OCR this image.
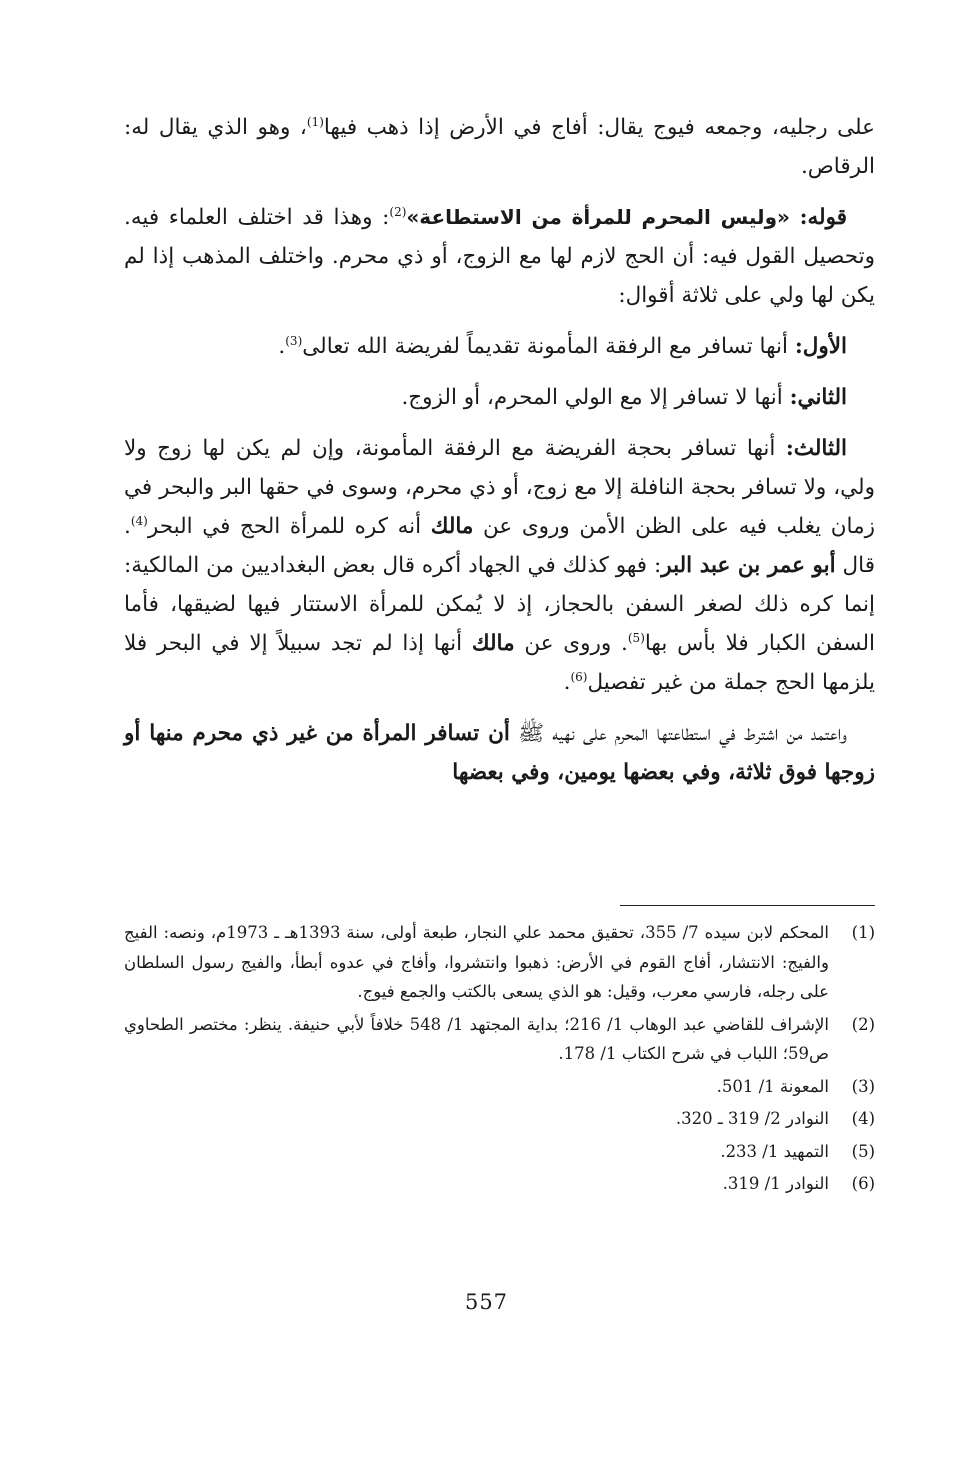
على رجليه، وجمعه فيوج يقال: أفاج في الأرض إذا ذهب فيها$^{(1)}$، وهو الذي يقال له: الرقاص.

قوله: «وليس المحرم للمرأة من الاستطاعة»$^{(2)}$: وهذا قد اختلف العلماء فيه. وتحصيل القول فيه: أن الحج لازم لها مع الزوج، أو ذي محرم. واختلف المذهب إذا لم يكن لها ولي على ثلاثة أقوال:

الأول: أنها تسافر مع الرفقة المأمونة تقديماً لفريضة الله تعالى$^{(3)}$.

الثاني: أنها لا تسافر إلا مع الولي المحرم، أو الزوج.

الثالث: أنها تسافر بحجة الفريضة مع الرفقة المأمونة، وإن لم يكن لها زوج ولا ولي، ولا تسافر بحجة النافلة إلا مع زوج، أو ذي محرم، وسوى في حقها البر والبحر في زمان يغلب فيه على الظن الأمن وروى عن مالك أنه كره للمرأة الحج في البحر$^{(4)}$. قال أبو عمر بن عبد البر: فهو كذلك في الجهاد أكره قال بعض البغداديين من المالكية: إنما كره ذلك لصغر السفن بالحجاز، إذ لا يُمكن للمرأة الاستتار فيها لضيقها، فأما السفن الكبار فلا بأس بها$^{(5)}$. وروى عن مالك أنها إذا لم تجد سبيلاً إلا في البحر فلا يلزمها الحج جملة من غير تفصيل$^{(6)}$.

واعتمد من اشترط في استطاعتها المحرم على نهيه ﷺ أن تسافر المرأة من غير ذي محرم منها أو زوجها فوق ثلاثة، وفي بعضها يومين، وفي بعضها

(1)
المحكم لابن سيده 7/ 355، تحقيق محمد علي النجار، طبعة أولى، سنة 1393هـ ـ 1973م، ونصه: الفيج والفيج: الانتشار، أفاج القوم في الأرض: ذهبوا وانتشروا، وأفاج في عدوه أبطأ، والفيج رسول السلطان على رجله، فارسي معرب، وقيل: هو الذي يسعى بالكتب والجمع فيوج.
(2)
الإشراف للقاضي عبد الوهاب 1/ 216؛ بداية المجتهد 1/ 548 خلافاً لأبي حنيفة. ينظر: مختصر الطحاوي ص59؛ اللباب في شرح الكتاب 1/ 178.
(3)
المعونة 1/ 501.
(4)
النوادر 2/ 319 ـ 320.
(5)
التمهيد 1/ 233.
(6)
النوادر 1/ 319.
557
